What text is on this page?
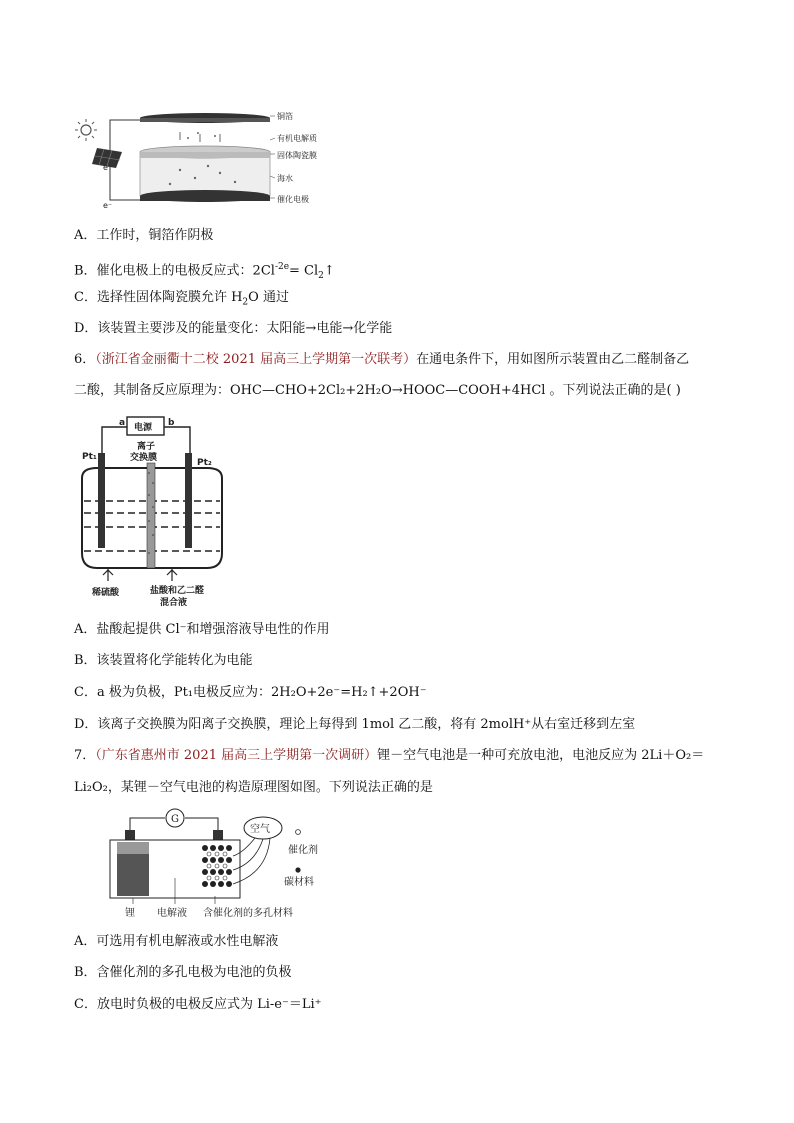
e⁻
e⁻
铜箔
有机电解质
固体陶瓷膜
海水
催化电极
A．工作时，铜箔作阴极
B．催化电极上的电极反应式：$2Cl^{-2e}=$ $Cl_2↑$
C．选择性固体陶瓷膜允许 $H_2O$ 通过
D．该装置主要涉及的能量变化：太阳能→电能→化学能
6．（浙江省金丽衢十二校 2021 届高三上学期第一次联考）在通电条件下，用如图所示装置由乙二醛制备乙
二酸，其制备反应原理为：OHC—CHO+2Cl₂+2H₂O→HOOC—COOH+4HCl 。下列说法正确的是( )
电源
a	b
离子
交换膜
Pt₁
Pt₂
稀硫酸	盐酸和乙二醛
混合液
A．盐酸起提供 Cl⁻和增强溶液导电性的作用
B．该装置将化学能转化为电能
C．a 极为负极，Pt₁电极反应为：2H₂O+2e⁻=H₂↑+2OH⁻
D．该离子交换膜为阳离子交换膜，理论上每得到 1mol 乙二酸，将有 2molH⁺从右室迁移到左室
7．（广东省惠州市 2021 届高三上学期第一次调研）锂－空气电池是一种可充放电池，电池反应为 2Li＋O₂＝
Li₂O₂，某锂－空气电池的构造原理图如图。下列说法正确的是
G
空气
催化剂
碳材料
锂 电解液 含催化剂的多孔材料
A．可选用有机电解液或水性电解液
B．含催化剂的多孔电极为电池的负极
C．放电时负极的电极反应式为 Li-e⁻＝Li⁺
